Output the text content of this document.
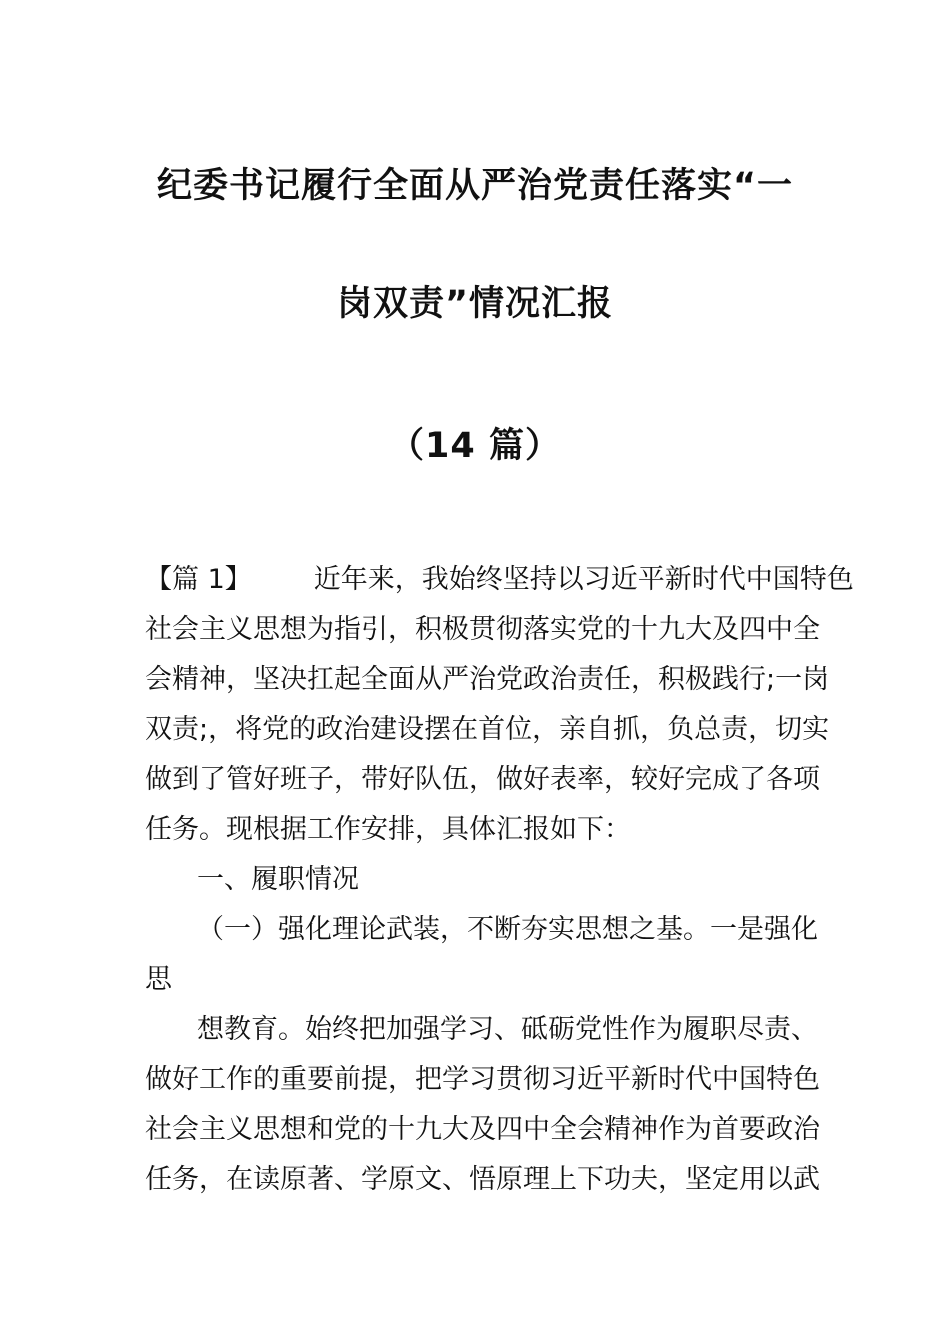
纪委书记履行全面从严治党责任落实“一
岗双责”情况汇报
（14 篇）
【篇 1】 近年来，我始终坚持以习近平新时代中国特色
社会主义思想为指引，积极贯彻落实党的十九大及四中全
会精神，坚决扛起全面从严治党政治责任，积极践行;一岗
双责;，将党的政治建设摆在首位，亲自抓，负总责，切实
做到了管好班子，带好队伍，做好表率，较好完成了各项
任务。现根据工作安排，具体汇报如下：
一、履职情况
（一）强化理论武装，不断夯实思想之基。一是强化
思
想教育。始终把加强学习、砥砺党性作为履职尽责、
做好工作的重要前提，把学习贯彻习近平新时代中国特色
社会主义思想和党的十九大及四中全会精神作为首要政治
任务，在读原著、学原文、悟原理上下功夫，坚定用以武
